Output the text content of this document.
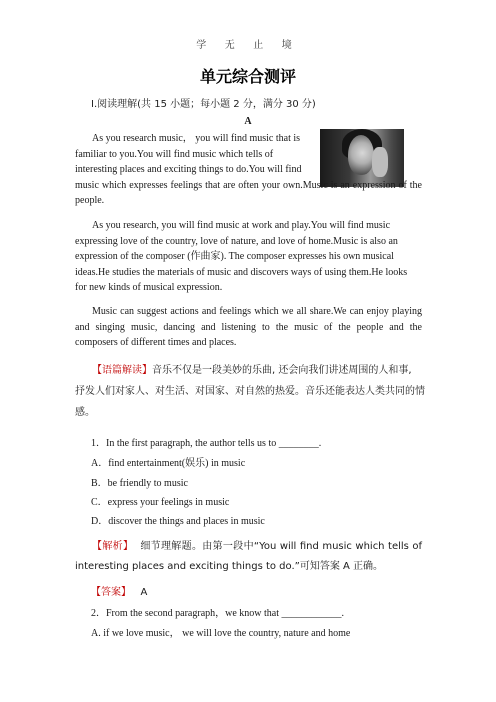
学 无 止 境
单元综合测评
Ⅰ.阅读理解(共 15 小题；每小题 2 分，满分 30 分)
A
As you research music， you will find music that is
familiar to you.You will find music which tells of
interesting places and exciting things to do.You will find
music which expresses feelings that are often your own.Music is an expression of the
people.
As you research, you will find music at work and play.You will find music
expressing love of the country, love of nature, and love of home.Music is also an
expression of the composer (作曲家). The composer expresses his own musical
ideas.He studies the materials of music and discovers ways of using them.He looks
for new kinds of musical expression.
Music can suggest actions and feelings which we all share.We can enjoy playing
and singing music, dancing and listening to the music of the people and the
composers of different times and places.
【语篇解读】音乐不仅是一段美妙的乐曲, 还会向我们讲述周围的人和事,
抒发人们对家人、对生活、对国家、对自然的热爱。音乐还能表达人类共同的情
感。
1．In the first paragraph, the author tells us to ________.
A．find entertainment(娱乐) in music
B．be friendly to music
C．express your feelings in music
D．discover the things and places in music
【解析】 细节理解题。由第一段中“You will find music which tells of
interesting places and exciting things to do.”可知答案 A 正确。
【答案】 A
2．From the second paragraph，we know that ____________.
A. if we love music， we will love the country, nature and home
